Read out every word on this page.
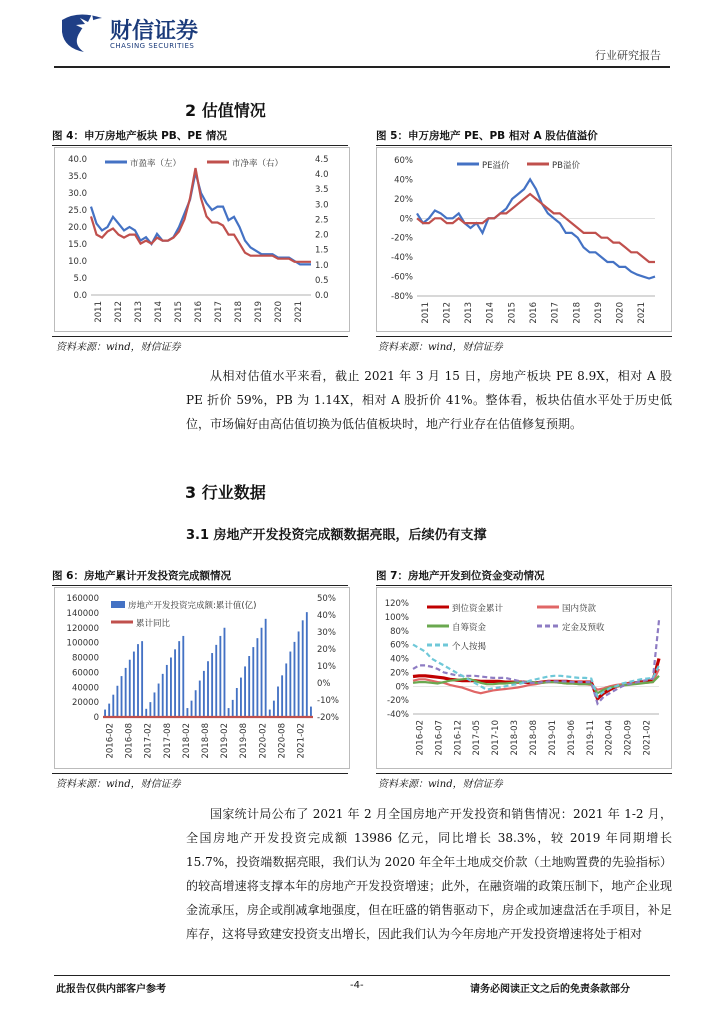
财信证券
CHASING SECURITIES
行业研究报告
2 估值情况
图 4：申万房地产板块 PB、PE 情况	图 5：申万房地产 PE、PB 相对 A 股估值溢价
40.0
35.0
30.0
25.0
20.0
15.0
10.0
5.0
0.0
4.5
4.0
3.5
3.0
2.5
2.0
1.5
1.0
0.5
0.0
2011 2012 2013 2014 2015 2016 2017 2018 2019 2020 2021
市盈率（左）	市净率（右）	60%
40%
20%
0%
-20%
-40%
-60%
-80%
2011 2012 2013 2014 2015 2016 2017 2018 2019 2020 2021
PE溢价	PB溢价
资料来源：wind，财信证券	资料来源：wind，财信证券
从相对估值水平来看，截止 2021 年 3 月 15 日，房地产板块 PE 8.9X，相对 A 股 PE 折价 59%，PB 为 1.14X，相对 A 股折价 41%。整体看，板块估值水平处于历史低位，市场偏好由高估值切换为低估值板块时，地产行业存在估值修复预期。
3 行业数据
3.1 房地产开发投资完成额数据亮眼，后续仍有支撑
图 6：房地产累计开发投资完成额情况	图 7：房地产开发到位资金变动情况
160000
140000
120000
100000
80000
60000
40000
20000
0
50%
40%
30%
20%
10%
0%
-10%
-20%
2016-02 2016-08 2017-02 2017-08 2018-02 2018-08 2019-02 2019-08 2020-02 2020-08 2021-02
房地产开发投资完成额:累计值(亿)
累计同比
120%
100%
80%
60%
40%
20%
0%
-20%
-40%
2016-02 2016-07 2016-12 2017-05 2017-10 2018-03 2018-08 2019-01 2019-06 2019-11 2020-04 2020-09 2021-02
到位资金累计	国内贷款
自筹资金	定金及预收
个人按揭
资料来源：wind，财信证券	资料来源：wind，财信证券
国家统计局公布了 2021 年 2 月全国房地产开发投资和销售情况：2021 年 1-2 月，全国房地产开发投资完成额 13986 亿元，同比增长 38.3%，较 2019 年同期增长 15.7%，投资端数据亮眼，我们认为 2020 年全年土地成交价款（土地购置费的先验指标）的较高增速将支撑本年的房地产开发投资增速；此外，在融资端的政策压制下，地产企业现金流承压，房企或削减拿地强度，但在旺盛的销售驱动下，房企或加速盘活在手项目，补足库存，这将导致建安投资支出增长，因此我们认为今年房地产开发投资增速将处于相对
此报告仅供内部客户参考	-4-	请务必阅读正文之后的免责条款部分
